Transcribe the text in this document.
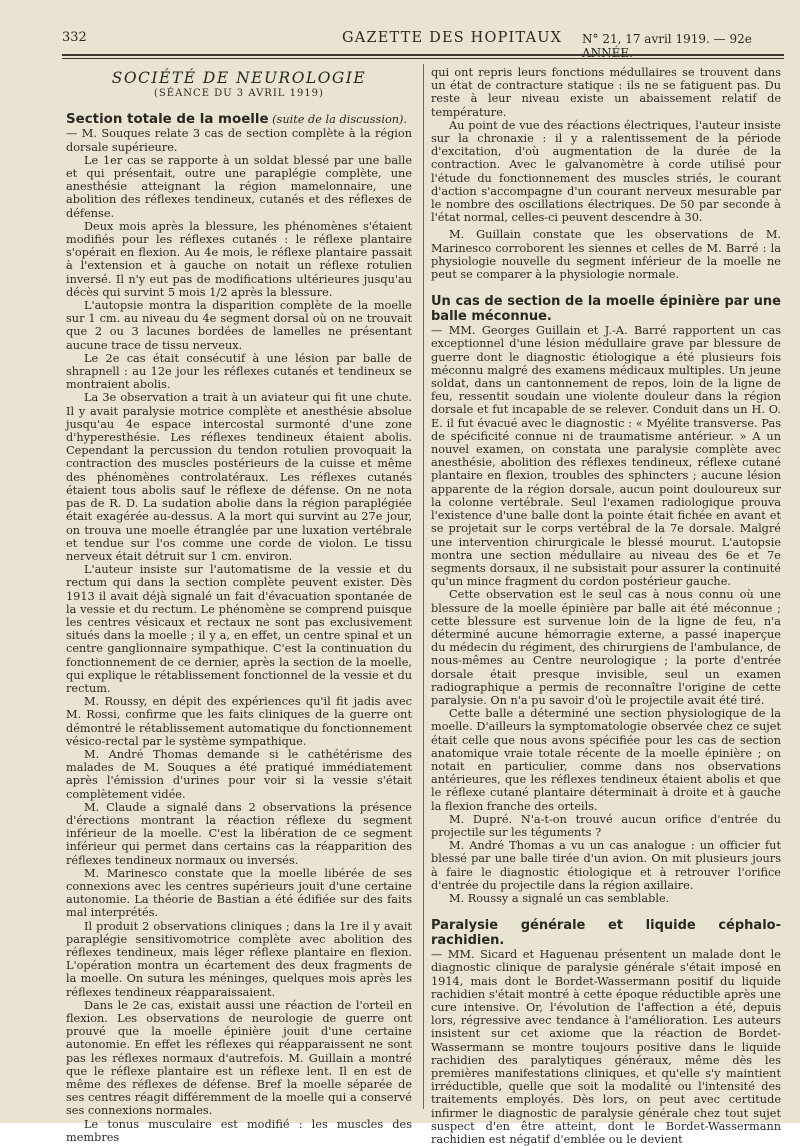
332	GAZETTE DES HOPITAUX N° 21, 17 avril 1919. — 92e ANNÉE.
SOCIÉTÉ DE NEUROLOGIE
(SÉANCE DU 3 AVRIL 1919)
Section totale de la moelle (suite de la discussion).

— M. Souques relate 3 cas de section complète à la région dorsale supérieure.

Le 1er cas se rapporte à un soldat blessé par une balle et qui présentait, outre une paraplégie complète, une anesthésie atteignant la région mamelonnaire, une abolition des réflexes tendineux, cutanés et des réflexes de défense.

Deux mois après la blessure, les phénomènes s'étaient modifiés pour les réflexes cutanés : le réflexe plantaire s'opérait en flexion. Au 4e mois, le réflexe plantaire passait à l'extension et à gauche on notait un réflexe rotulien inversé. Il n'y eut pas de modifications ultérieures jusqu'au décès qui survint 5 mois 1/2 après la blessure.

L'autopsie montra la disparition complète de la moelle sur 1 cm. au niveau du 4e segment dorsal où on ne trouvait que 2 ou 3 lacunes bordées de lamelles ne présentant aucune trace de tissu nerveux.

Le 2e cas était consécutif à une lésion par balle de shrapnell : au 12e jour les réflexes cutanés et tendineux se montraient abolis.

La 3e observation a trait à un aviateur qui fit une chute. Il y avait paralysie motrice complète et anesthésie absolue jusqu'au 4e espace intercostal surmonté d'une zone d'hyperesthésie. Les réflexes tendineux étaient abolis. Cependant la percussion du tendon rotulien provoquait la contraction des muscles postérieurs de la cuisse et même des phénomènes controlatéraux. Les réflexes cutanés étaient tous abolis sauf le réflexe de défense. On ne nota pas de R. D. La sudation abolie dans la région paraplégiée était exagérée au-dessus. A la mort qui survint au 27e jour, on trouva une moelle étranglée par une luxation vertébrale et tendue sur l'os comme une corde de violon. Le tissu nerveux était détruit sur 1 cm. environ.

L'auteur insiste sur l'automatisme de la vessie et du rectum qui dans la section complète peuvent exister. Dès 1913 il avait déjà signalé un fait d'évacuation spontanée de la vessie et du rectum. Le phénomène se comprend puisque les centres vésicaux et rectaux ne sont pas exclusivement situés dans la moelle ; il y a, en effet, un centre spinal et un centre ganglionnaire sympathique. C'est la continuation du fonctionnement de ce dernier, après la section de la moelle, qui explique le rétablissement fonctionnel de la vessie et du rectum.

M. Roussy, en dépit des expériences qu'il fit jadis avec M. Rossi, confirme que les faits cliniques de la guerre ont démontré le rétablissement automatique du fonctionnement vésico-rectal par le système sympathique.

M. André Thomas demande si le cathétérisme des malades de M. Souques a été pratiqué immédiatement après l'émission d'urines pour voir si la vessie s'était complètement vidée.

M. Claude a signalé dans 2 observations la présence d'érections montrant la réaction réflexe du segment inférieur de la moelle. C'est la libération de ce segment inférieur qui permet dans certains cas la réapparition des réflexes tendineux normaux ou inversés.

M. Marinesco constate que la moelle libérée de ses connexions avec les centres supérieurs jouit d'une certaine autonomie. La théorie de Bastian a été édifiée sur des faits mal interprétés.

Il produit 2 observations cliniques ; dans la 1re il y avait paraplégie sensitivomotrice complète avec abolition des réflexes tendineux, mais léger réflexe plantaire en flexion. L'opération montra un écartement des deux fragments de la moelle. On sutura les méninges, quelques mois après les réflexes tendineux réapparaissaient.

Dans le 2e cas, existait aussi une réaction de l'orteil en flexion. Les observations de neurologie de guerre ont prouvé que la moelle épinière jouit d'une certaine autonomie. En effet les réflexes qui réapparaissent ne sont pas les réflexes normaux d'autrefois. M. Guillain a montré que le réflexe plantaire est un réflexe lent. Il en est de même des réflexes de défense. Bref la moelle séparée de ses centres réagit différemment de la moelle qui a conservé ses connexions normales.

Le tonus musculaire est modifié : les muscles des membres

qui ont repris leurs fonctions médullaires se trouvent dans un état de contracture statique : ils ne se fatiguent pas. Du reste à leur niveau existe un abaissement relatif de température.

Au point de vue des réactions électriques, l'auteur insiste sur la chronaxie : il y a ralentissement de la période d'excitation, d'où augmentation de la durée de la contraction. Avec le galvanomètre à corde utilisé pour l'étude du fonctionnement des muscles striés, le courant d'action s'accompagne d'un courant nerveux mesurable par le nombre des oscillations électriques. De 50 par seconde à l'état normal, celles-ci peuvent descendre à 30.

M. Guillain constate que les observations de M. Marinesco corroborent les siennes et celles de M. Barré : la physiologie nouvelle du segment inférieur de la moelle ne peut se comparer à la physiologie normale.

Un cas de section de la moelle épinière par une balle méconnue.

— MM. Georges Guillain et J.-A. Barré rapportent un cas exceptionnel d'une lésion médullaire grave par blessure de guerre dont le diagnostic étiologique a été plusieurs fois méconnu malgré des examens médicaux multiples. Un jeune soldat, dans un cantonnement de repos, loin de la ligne de feu, ressentit soudain une violente douleur dans la région dorsale et fut incapable de se relever. Conduit dans un H. O. E. il fut évacué avec le diagnostic : « Myélite transverse. Pas de spécificité connue ni de traumatisme antérieur. » A un nouvel examen, on constata une paralysie complète avec anesthésie, abolition des réflexes tendineux, réflexe cutané plantaire en flexion, troubles des sphincters ; aucune lésion apparente de la région dorsale, aucun point douloureux sur la colonne vertébrale. Seul l'examen radiologique prouva l'existence d'une balle dont la pointe était fichée en avant et se projetait sur le corps vertébral de la 7e dorsale. Malgré une intervention chirurgicale le blessé mourut. L'autopsie montra une section médullaire au niveau des 6e et 7e segments dorsaux, il ne subsistait pour assurer la continuité qu'un mince fragment du cordon postérieur gauche.

Cette observation est le seul cas à nous connu où une blessure de la moelle épinière par balle ait été méconnue ; cette blessure est survenue loin de la ligne de feu, n'a déterminé aucune hémorragie externe, a passé inaperçue du médecin du régiment, des chirurgiens de l'ambulance, de nous-mêmes au Centre neurologique ; la porte d'entrée dorsale était presque invisible, seul un examen radiographique a permis de reconnaître l'origine de cette paralysie. On n'a pu savoir d'où le projectile avait été tiré.

Cette balle a déterminé une section physiologique de la moelle. D'ailleurs la symptomatologie observée chez ce sujet était celle que nous avons spécifiée pour les cas de section anatomique vraie totale récente de la moelle épinière ; on notait en particulier, comme dans nos observations antérieures, que les réflexes tendineux étaient abolis et que le réflexe cutané plantaire déterminait à droite et à gauche la flexion franche des orteils.

M. Dupré. N'a-t-on trouvé aucun orifice d'entrée du projectile sur les téguments ?

M. André Thomas a vu un cas analogue : un officier fut blessé par une balle tirée d'un avion. On mit plusieurs jours à faire le diagnostic étiologique et à retrouver l'orifice d'entrée du projectile dans la région axillaire.

M. Roussy a signalé un cas semblable.

Paralysie générale et liquide céphalo-rachidien.

— MM. Sicard et Haguenau présentent un malade dont le diagnostic clinique de paralysie générale s'était imposé en 1914, mais dont le Bordet-Wassermann positif du liquide rachidien s'était montré à cette époque réductible après une cure intensive. Or, l'évolution de l'affection a été, depuis lors, régressive avec tendance à l'amélioration. Les auteurs insistent sur cet axiome que la réaction de Bordet-Wassermann se montre toujours positive dans le liquide rachidien des paralytiques généraux, même dès les premières manifestations cliniques, et qu'elle s'y maintient irréductible, quelle que soit la modalité ou l'intensité des traitements employés. Dès lors, on peut avec certitude infirmer le diagnostic de paralysie générale chez tout sujet suspect d'en être atteint, dont le Bordet-Wassermann rachidien est négatif d'emblée ou le devient
